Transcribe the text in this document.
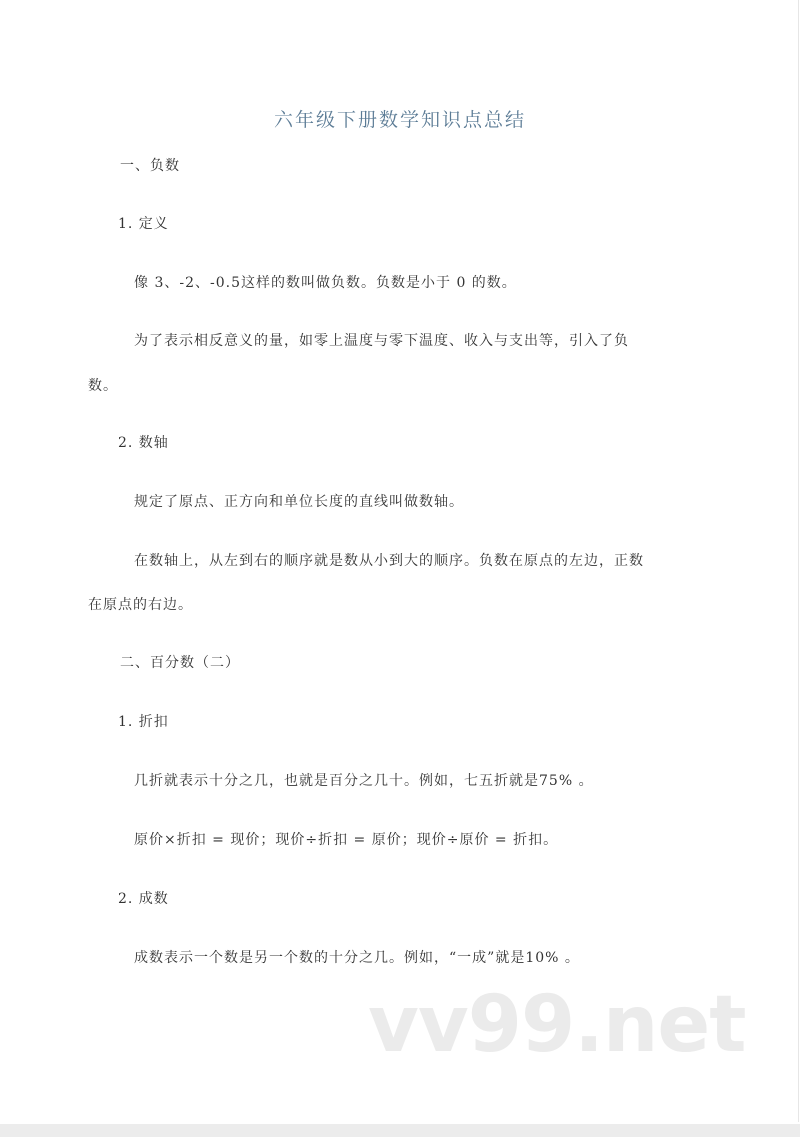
六年级下册数学知识点总结
一、负数
1. 定义
像 3、-2、-0.5这样的数叫做负数。负数是小于 0 的数。
为了表示相反意义的量，如零上温度与零下温度、收入与支出等，引入了负
数。
2. 数轴
规定了原点、正方向和单位长度的直线叫做数轴。
在数轴上，从左到右的顺序就是数从小到大的顺序。负数在原点的左边，正数
在原点的右边。
二、百分数（二）
1. 折扣
几折就表示十分之几，也就是百分之几十。例如，七五折就是75% 。
原价×折扣 = 现价；现价÷折扣 = 原价；现价÷原价 = 折扣。
2. 成数
成数表示一个数是另一个数的十分之几。例如，“一成”就是10% 。
vv99.net
